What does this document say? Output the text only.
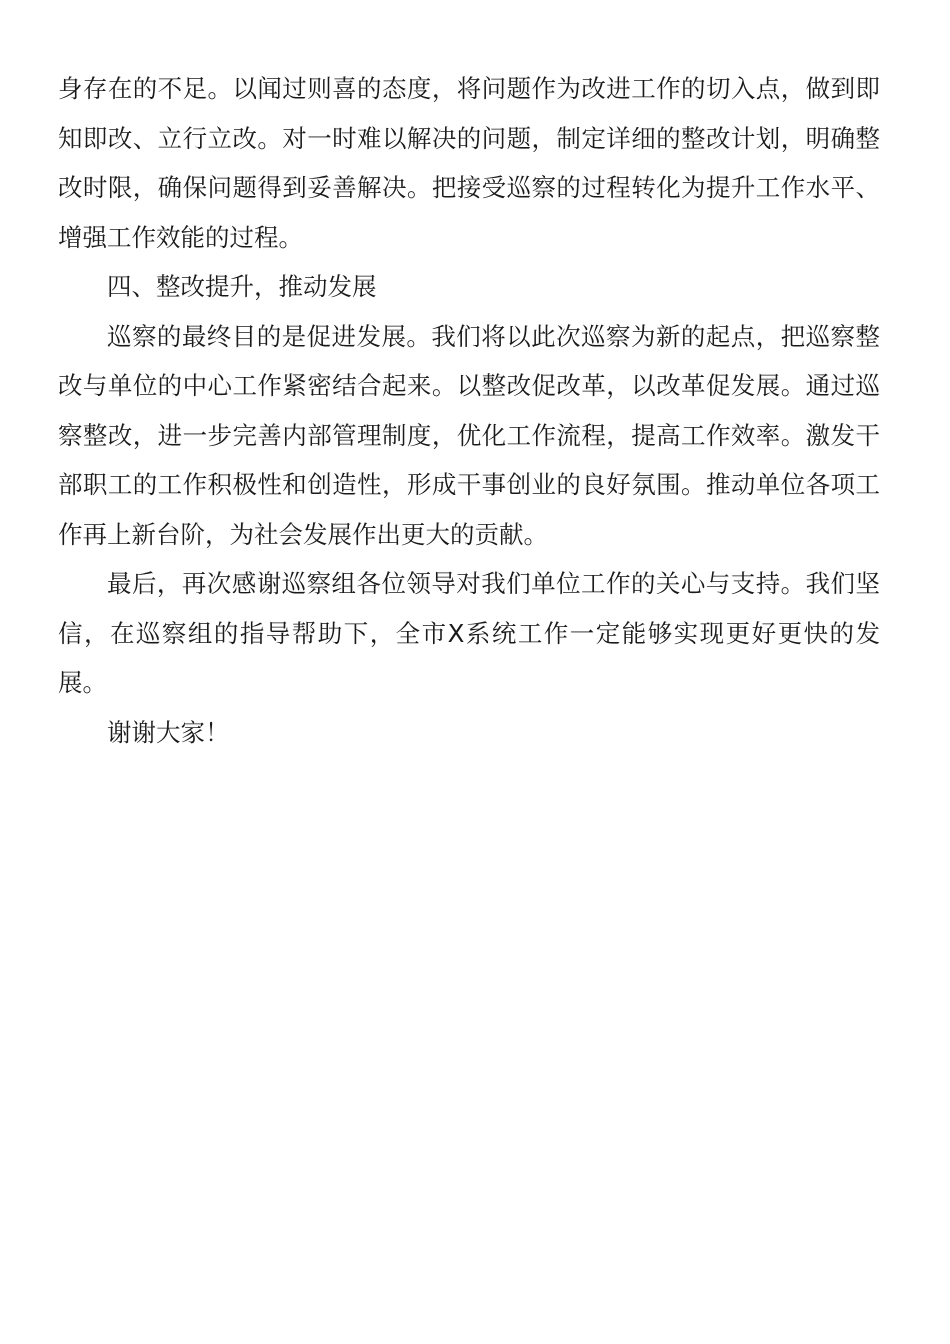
身存在的不足。以闻过则喜的态度，将问题作为改进工作的切入点，做到即知即改、立行立改。对一时难以解决的问题，制定详细的整改计划，明确整改时限，确保问题得到妥善解决。把接受巡察的过程转化为提升工作水平、增强工作效能的过程。

四、整改提升，推动发展

巡察的最终目的是促进发展。我们将以此次巡察为新的起点，把巡察整改与单位的中心工作紧密结合起来。以整改促改革，以改革促发展。通过巡察整改，进一步完善内部管理制度，优化工作流程，提高工作效率。激发干部职工的工作积极性和创造性，形成干事创业的良好氛围。推动单位各项工作再上新台阶，为社会发展作出更大的贡献。

最后，再次感谢巡察组各位领导对我们单位工作的关心与支持。我们坚信，在巡察组的指导帮助下，全市X系统工作一定能够实现更好更快的发展。

谢谢大家！
